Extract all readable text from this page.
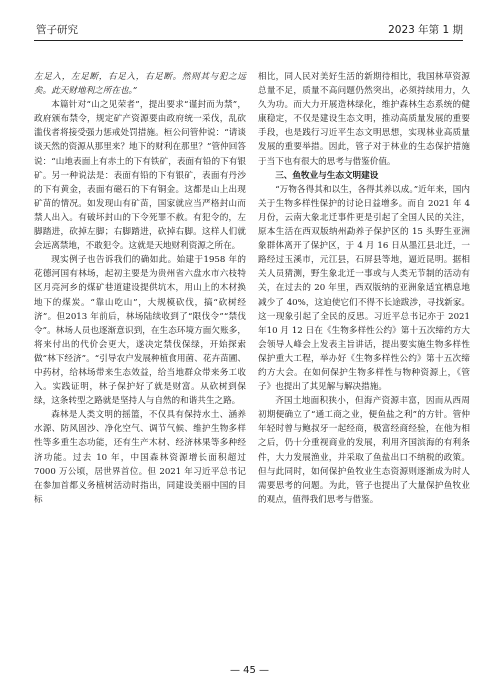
管子研究	2023 年第 1 期

左足入，左足断，右足入，右足断。然则其与犯之远矣。此天财地利之所在也。”

本篇针对“山之见荣者”，提出要求“谨封而为禁”，政府颁布禁令，规定矿产资源要由政府统一采伐，乱砍滥伐者将接受强力惩戒处罚措施。桓公问管仲说：“请谈谈天然的资源从那里来？地下的财利在那里？”管仲回答说：“山地表面上有赤土的下有铁矿，表面有铅的下有银矿。另一种说法是：表面有铅的下有银矿，表面有丹沙的下有黄金，表面有磁石的下有铜金。这都是山上出现矿苗的情况。如发现山有矿苗，国家就应当严格封山而禁人出入。有破坏封山的下令死罪不赦。有犯令的，左脚踏进，砍掉左脚；右脚踏进，砍掉右脚。这样人们就会远离禁地，不敢犯令。这就是天地财利资源之所在。

现实例子也告诉我们的确如此。始建于1958 年的花德河国有林场，起初主要是为贵州省六盘水市六枝特区月亮河乡的煤矿巷道建设提供坑木，用山上的木材换地下的煤炭。“靠山吃山”，大规模砍伐，搞“砍树经济”。但2013 年前后，林场陆续收到了“限伐令”“禁伐令”。林场人员也逐渐意识到，在生态环境方面欠账多，将来付出的代价会更大，遂决定禁伐保绿，开始探索做“林下经济”。“引导农户发展种植食用菌、花卉苗圃、中药材，给林场带来生态效益，给当地群众带来务工收入。实践证明，林子保护好了就是财富。从砍树到保绿，这条转型之路就是坚持人与自然的和谐共生之路。

森林是人类文明的摇篮，不仅具有保持水土、涵养水源、防风固沙、净化空气、调节气候、维护生物多样性等多重生态功能，还有生产木材、经济林果等多种经济功能。过去 10 年，中国森林资源增长面积超过 7000 万公顷，居世界首位。但 2021 年习近平总书记在参加首都义务植树活动时指出，同建设美丽中国的目标

相比，同人民对美好生活的新期待相比，我国林草资源总量不足，质量不高问题仍然突出，必须持续用力，久久为功。而大力开展造林绿化，维护森林生态系统的健康稳定，不仅是建设生态文明，推动高质量发展的重要手段，也是践行习近平生态文明思想，实现林业高质量发展的重要举措。因此，管子对于林业的生态保护措施于当下也有很大的思考与借鉴价值。

三、鱼牧业与生态文明建设

“万物各得其和以生，各得其养以成。”近年来，国内关于生物多样性保护的讨论日益增多。而自 2021 年 4 月份，云南大象北迁事件更是引起了全国人民的关注，原本生活在西双版纳州勐养子保护区的 15 头野生亚洲象群体离开了保护区，于 4 月 16 日从墨江县北迁，一路经过玉溪市，元江县，石屏县等地，逼近昆明。据相关人员猜测，野生象北迁一事或与人类无节制的活动有关，在过去的 20 年里，西双版纳的亚洲象适宜栖息地减少了 40%，这迫使它们不得不长途跋涉，寻找新家。这一现象引起了全民的反思。习近平总书记亦于 2021 年10 月 12 日在《生物多样性公约》第十五次缔约方大会领导人峰会上发表主旨讲话，提出要实施生物多样性保护重大工程，举办好《生物多样性公约》第十五次缔约方大会。在如何保护生物多样性与物种资源上，《管子》也提出了其见解与解决措施。

齐国土地面积狭小，但海产资源丰富，因而从西周初期便确立了“通工商之业，便鱼盐之利”的方针。管仲年轻时曾与鲍叔牙一起经商，极富经商经验，在他为相之后，仍十分重视商业的发展，利用齐国滨海的有利条件，大力发展渔业，并采取了鱼盐出口不纳税的政策。但与此同时，如何保护鱼牧业生态资源则逐渐成为时人需要思考的问题。为此，管子也提出了大量保护鱼牧业的观点，值得我们思考与借鉴。

— 45 —
